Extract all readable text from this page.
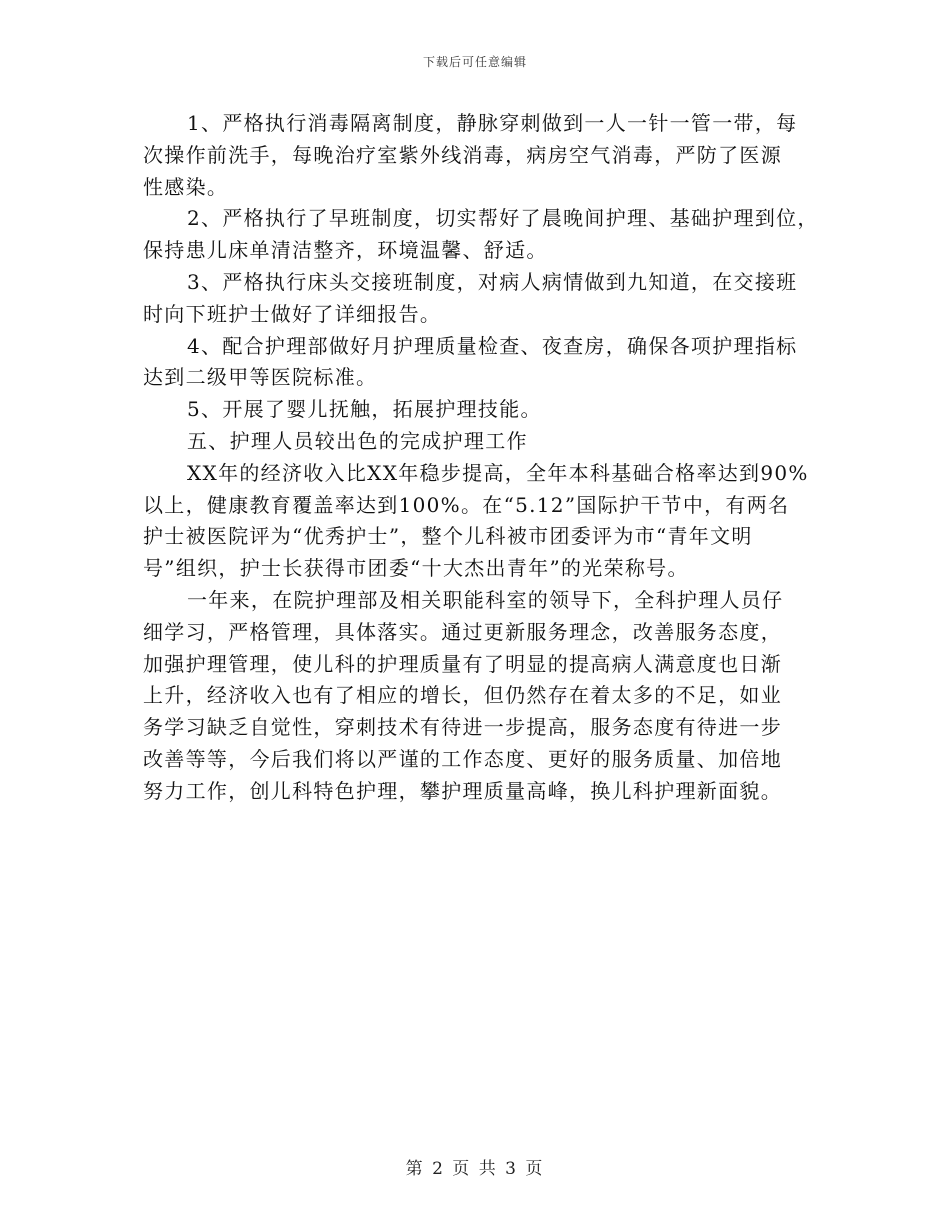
下载后可任意编辑
1、严格执行消毒隔离制度，静脉穿刺做到一人一针一管一带，每
次操作前洗手，每晚治疗室紫外线消毒，病房空气消毒，严防了医源
性感染。
2、严格执行了早班制度，切实帮好了晨晚间护理、基础护理到位，
保持患儿床单清洁整齐，环境温馨、舒适。
3、严格执行床头交接班制度，对病人病情做到九知道，在交接班
时向下班护士做好了详细报告。
4、配合护理部做好月护理质量检查、夜查房，确保各项护理指标
达到二级甲等医院标准。
5、开展了婴儿抚触，拓展护理技能。
五、护理人员较出色的完成护理工作
XX年的经济收入比XX年稳步提高，全年本科基础合格率达到90%
以上，健康教育覆盖率达到100%。在“5.12”国际护干节中，有两名
护士被医院评为“优秀护士”，整个儿科被市团委评为市“青年文明
号”组织，护士长获得市团委“十大杰出青年”的光荣称号。
一年来，在院护理部及相关职能科室的领导下，全科护理人员仔
细学习，严格管理，具体落实。通过更新服务理念，改善服务态度，
加强护理管理，使儿科的护理质量有了明显的提高病人满意度也日渐
上升，经济收入也有了相应的增长，但仍然存在着太多的不足，如业
务学习缺乏自觉性，穿刺技术有待进一步提高，服务态度有待进一步
改善等等，今后我们将以严谨的工作态度、更好的服务质量、加倍地
努力工作，创儿科特色护理，攀护理质量高峰，换儿科护理新面貌。
第 2 页 共 3 页
